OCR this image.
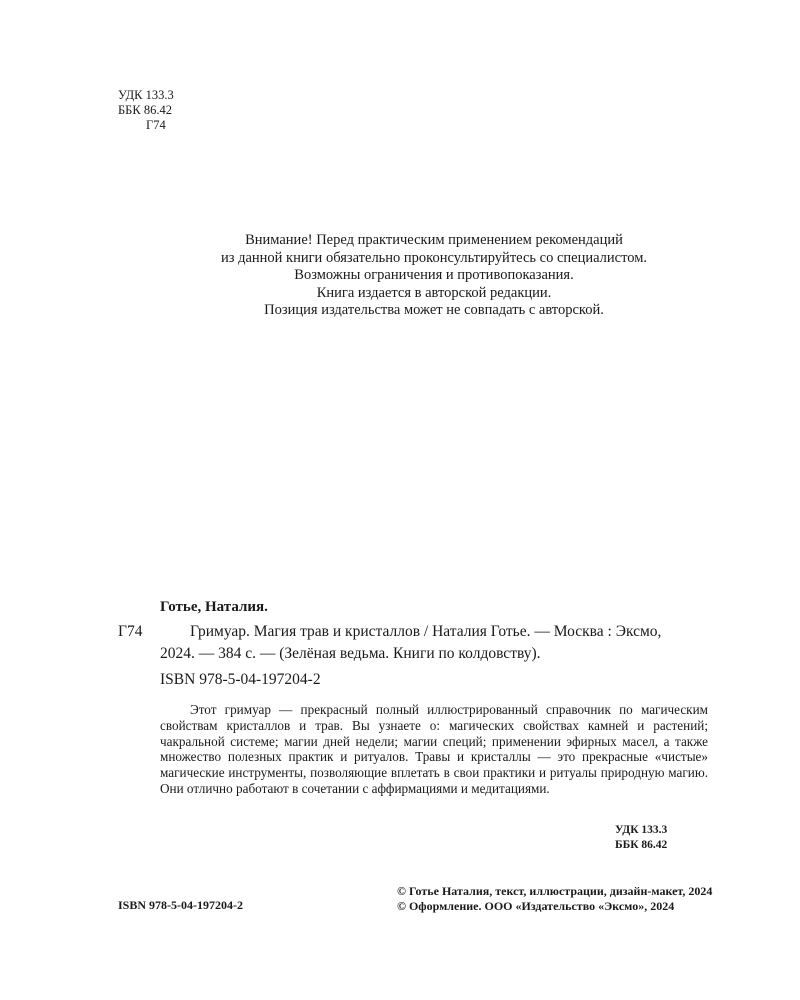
УДК 133.3
ББК 86.42
Г74
Внимание! Перед практическим применением рекомендаций
из данной книги обязательно проконсультируйтесь со специалистом.
Возможны ограничения и противопоказания.
Книга издается в авторской редакции.
Позиция издательства может не совпадать с авторской.
Готье, Наталия.
Г74	Гримуар. Магия трав и кристаллов / Наталия Готье. — Москва : Эксмо,
2024. — 384 с. — (Зелёная ведьма. Книги по колдовству).
ISBN 978-5-04-197204-2
Этот гримуар — прекрасный полный иллюстрированный справочник по магическим свойствам кристаллов и трав. Вы узнаете о: магических свойствах камней и растений; чакральной системе; магии дней недели; магии специй; применении эфирных масел, а также множество полезных практик и ритуалов. Травы и кристаллы — это прекрасные «чистые» магические инструменты, позволяющие вплетать в свои практики и ритуалы природную магию. Они отлично работают в сочетании с аффирмациями и медитациями.
УДК 133.3
ББК 86.42
ISBN 978-5-04-197204-2
© Готье Наталия, текст, иллюстрации, дизайн-макет, 2024
© Оформление. ООО «Издательство «Эксмо», 2024
